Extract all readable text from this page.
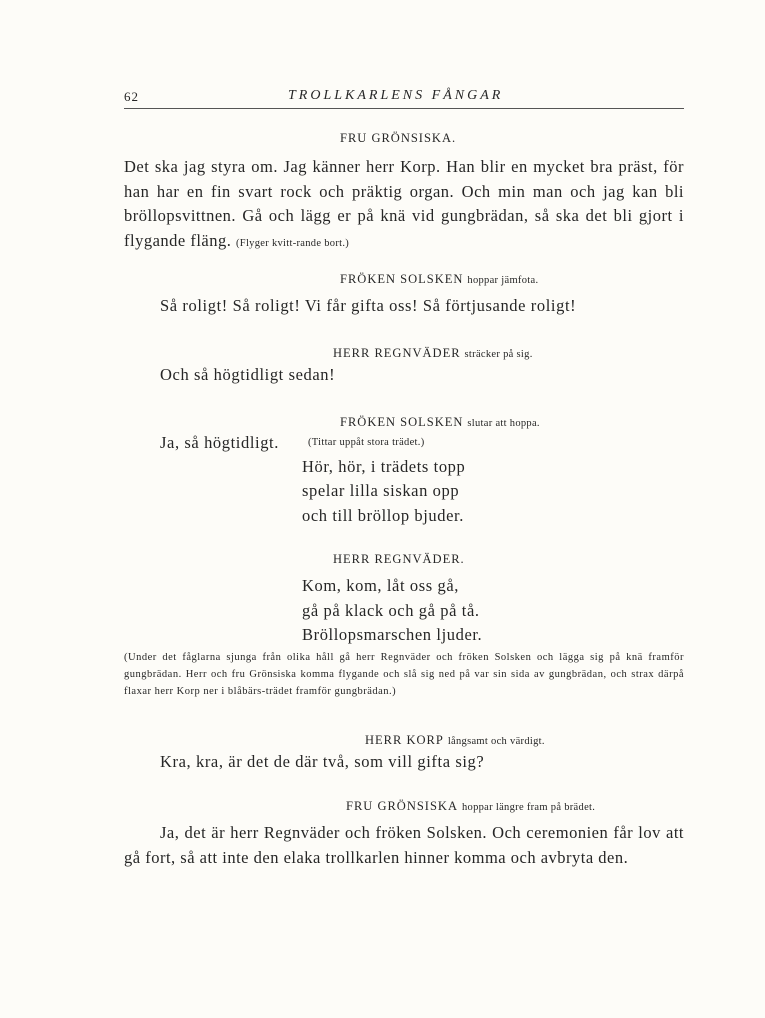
62	TROLLKARLENS FÅNGAR
FRU GRÖNSISKA.
Det ska jag styra om. Jag känner herr Korp. Han blir en mycket bra präst, för han har en fin svart rock och präktig organ. Och min man och jag kan bli bröllopsvittnen. Gå och lägg er på knä vid gungbrädan, så ska det bli gjort i flygande fläng. (Flyger kvitt-rande bort.)
FRÖKEN SOLSKEN hoppar jämfota.
Så roligt! Så roligt! Vi får gifta oss! Så förtjusande roligt!
HERR REGNVÄDER sträcker på sig.
Och så högtidligt sedan!
FRÖKEN SOLSKEN slutar att hoppa.
Ja, så högtidligt.	(Tittar uppåt stora trädet.)
Hör, hör, i trädets topp
spelar lilla siskan opp
och till bröllop bjuder.
HERR REGNVÄDER.
Kom, kom, låt oss gå,
gå på klack och gå på tå.
Bröllopsmarschen ljuder.
(Under det fåglarna sjunga från olika håll gå herr Regnväder och fröken Solsken och lägga sig på knä framför gungbrädan. Herr och fru Grönsiska komma flygande och slå sig ned på var sin sida av gungbrädan, och strax därpå flaxar herr Korp ner i blåbärs-trädet framför gungbrädan.)
HERR KORP långsamt och värdigt.
Kra, kra, är det de där två, som vill gifta sig?
FRU GRÖNSISKA hoppar längre fram på brädet.
Ja, det är herr Regnväder och fröken Solsken. Och ceremonien får lov att gå fort, så att inte den elaka trollkarlen hinner komma och avbryta den.
